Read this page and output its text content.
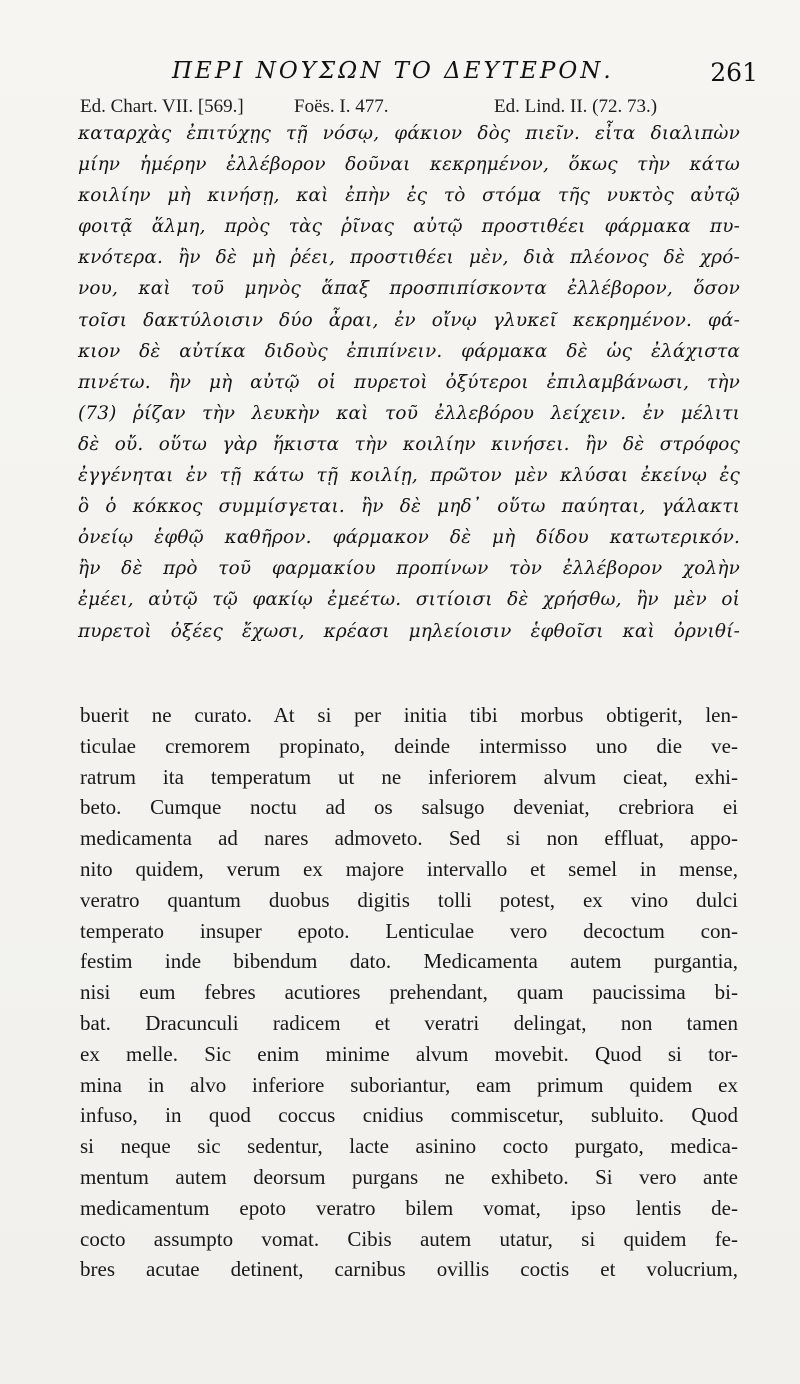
ΠΕΡΙ ΝΟΥΣΩΝ ΤΟ ΔΕΥΤΕΡΟΝ.	261
Ed. Chart. VII. [569.]	Foës. I. 477.	Ed. Lind. II. (72. 73.)
καταρχὰς ἐπιτύχῃς τῇ νόσῳ, φάκιον δὸς πιεῖν. εἶτα διαλιπὼν
μίην ἡμέρην ἐλλέβορον δοῦναι κεκρημένον, ὅκως τὴν κάτω
κοιλίην μὴ κινήσῃ, καὶ ἐπὴν ἐς τὸ στόμα τῆς νυκτὸς αὐτῷ
φοιτᾷ ἅλμη, πρὸς τὰς ῥῖνας αὐτῷ προστιθέει φάρμακα πυ-
κνότερα. ἢν δὲ μὴ ῥέει, προστιθέει μὲν, διὰ πλέονος δὲ χρό-
νου, καὶ τοῦ μηνὸς ἅπαξ προσπιπίσκοντα ἐλλέβορον, ὅσον
τοῖσι δακτύλοισιν δύο ἆραι, ἐν οἴνῳ γλυκεῖ κεκρημένον. φά-
κιον δὲ αὐτίκα διδοὺς ἐπιπίνειν. φάρμακα δὲ ὡς ἐλάχιστα
πινέτω. ἢν μὴ αὐτῷ οἱ πυρετοὶ ὀξύτεροι ἐπιλαμβάνωσι, τὴν
(73) ῥίζαν τὴν λευκὴν καὶ τοῦ ἐλλεβόρου λείχειν. ἐν μέλιτι
δὲ οὔ. οὕτω γὰρ ἥκιστα τὴν κοιλίην κινήσει. ἢν δὲ στρόφος
ἐγγένηται ἐν τῇ κάτω τῇ κοιλίῃ, πρῶτον μὲν κλύσαι ἐκείνῳ ἐς
ὃ ὁ κόκκος συμμίσγεται. ἢν δὲ μηδ᾽ οὕτω παύηται, γάλακτι
ὀνείῳ ἑφθῷ καθῆρον. φάρμακον δὲ μὴ δίδου κατωτερικόν.
ἢν δὲ πρὸ τοῦ φαρμακίου προπίνων τὸν ἐλλέβορον χολὴν
ἐμέει, αὐτῷ τῷ φακίῳ ἐμεέτω. σιτίοισι δὲ χρήσθω, ἢν μὲν οἱ
πυρετοὶ ὀξέες ἔχωσι, κρέασι μηλείοισιν ἑφθοῖσι καὶ ὀρνιθί-
buerit ne curato. At si per initia tibi morbus obtigerit, len-
ticulae cremorem propinato, deinde intermisso uno die ve-
ratrum ita temperatum ut ne inferiorem alvum cieat, exhi-
beto. Cumque noctu ad os salsugo deveniat, crebriora ei
medicamenta ad nares admoveto. Sed si non effluat, appo-
nito quidem, verum ex majore intervallo et semel in mense,
veratro quantum duobus digitis tolli potest, ex vino dulci
temperato insuper epoto. Lenticulae vero decoctum con-
festim inde bibendum dato. Medicamenta autem purgantia,
nisi eum febres acutiores prehendant, quam paucissima bi-
bat. Dracunculi radicem et veratri delingat, non tamen
ex melle. Sic enim minime alvum movebit. Quod si tor-
mina in alvo inferiore suboriantur, eam primum quidem ex
infuso, in quod coccus cnidius commiscetur, subluito. Quod
si neque sic sedentur, lacte asinino cocto purgato, medica-
mentum autem deorsum purgans ne exhibeto. Si vero ante
medicamentum epoto veratro bilem vomat, ipso lentis de-
cocto assumpto vomat. Cibis autem utatur, si quidem fe-
bres acutae detinent, carnibus ovillis coctis et volucrium,
